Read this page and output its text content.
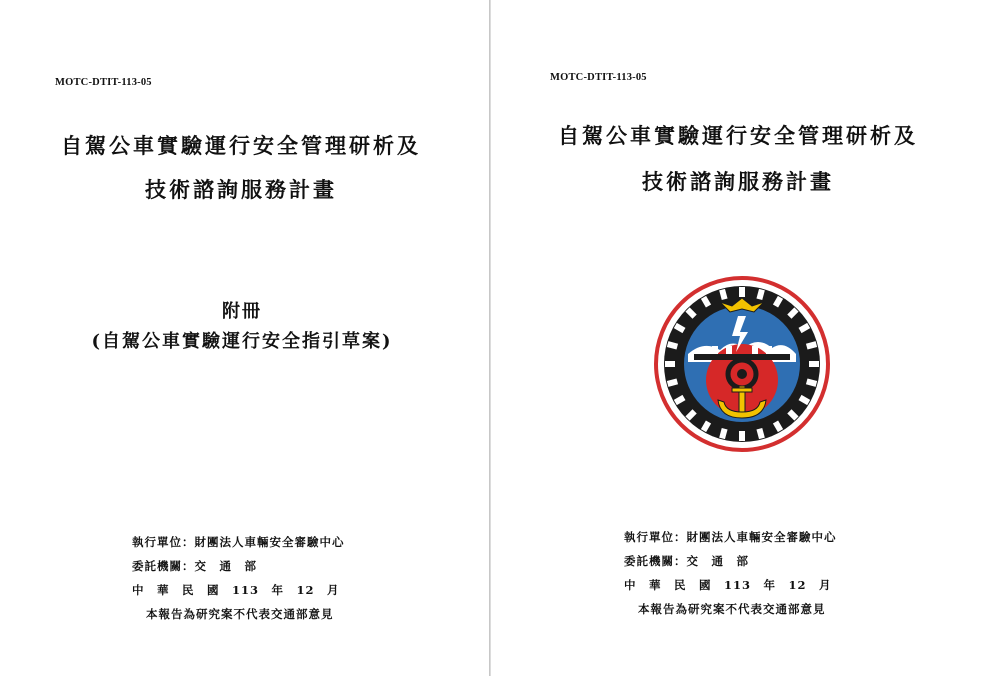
MOTC-DTIT-113-05
自駕公車實驗運行安全管理研析及
技術諮詢服務計畫
附冊
(自駕公車實驗運行安全指引草案)
執行單位：財團法人車輛安全審驗中心
委託機關：交　通　部
中　華　民　國　113　年　12　月
本報告為研究案不代表交通部意見
MOTC-DTIT-113-05
自駕公車實驗運行安全管理研析及
技術諮詢服務計畫
執行單位：財團法人車輛安全審驗中心
委託機關：交　通　部
中　華　民　國　113　年　12　月
本報告為研究案不代表交通部意見
